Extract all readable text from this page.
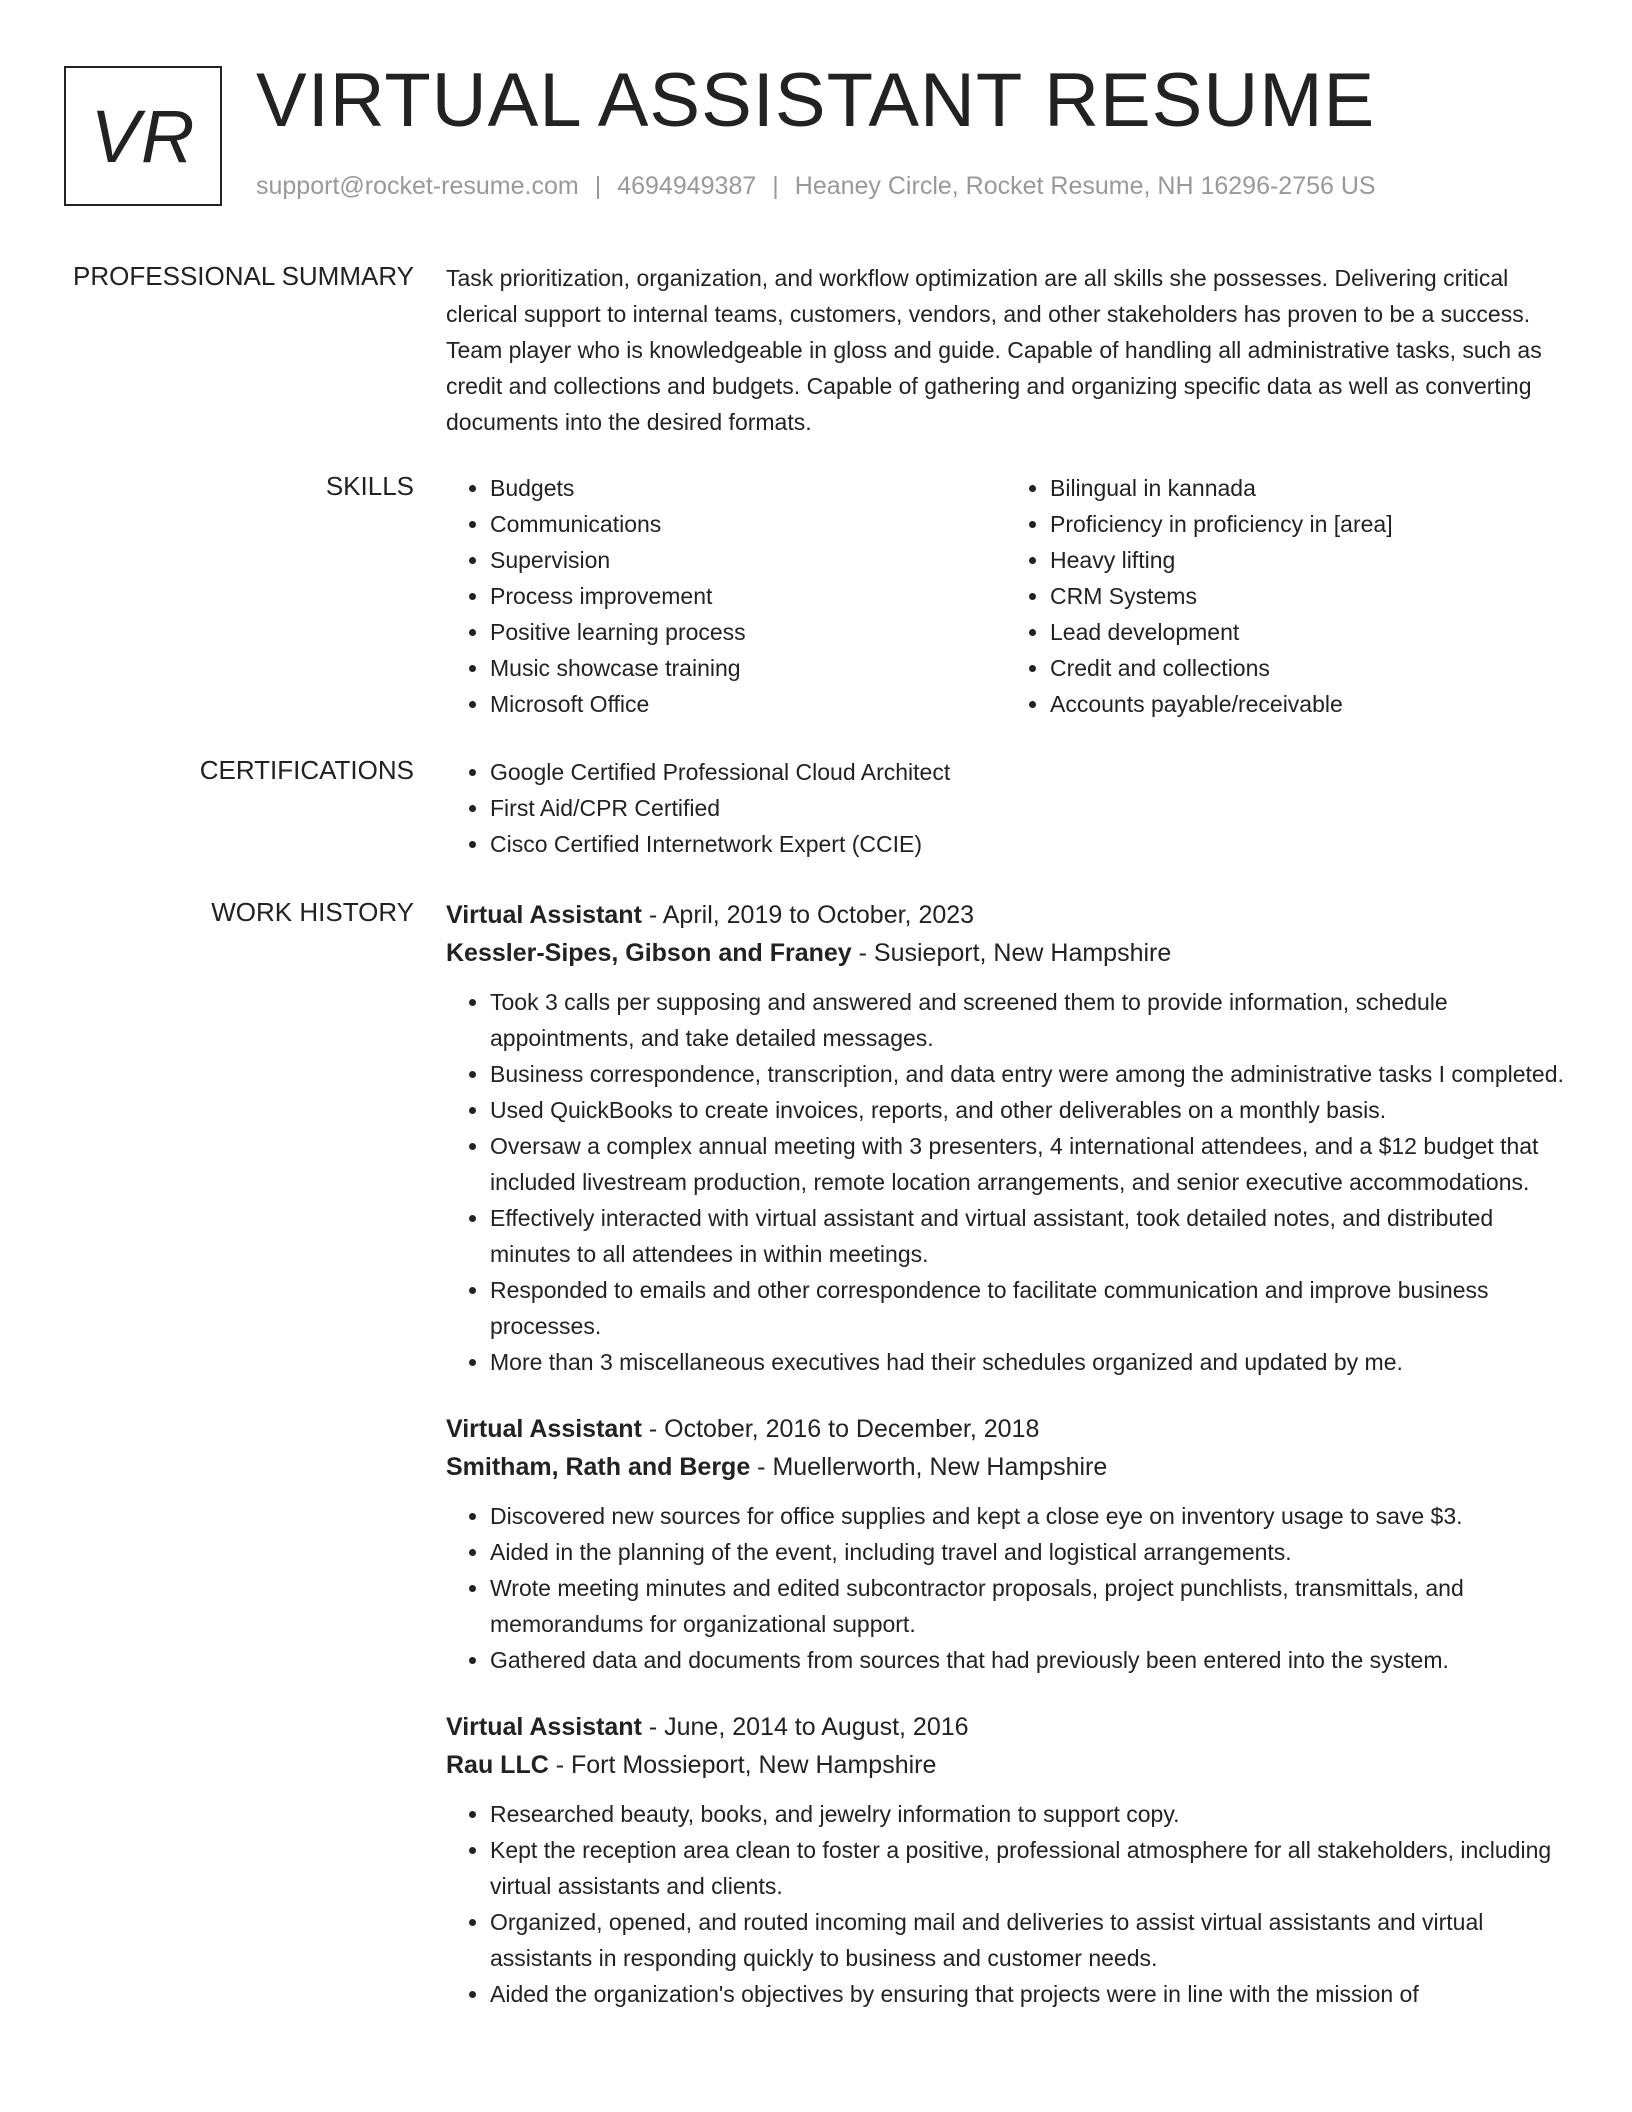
VR VIRTUAL ASSISTANT RESUME
support@rocket-resume.com | 4694949387 | Heaney Circle, Rocket Resume, NH 16296-2756 US
PROFESSIONAL SUMMARY Task prioritization, organization, and workflow optimization are all skills she possesses. Delivering critical clerical support to internal teams, customers, vendors, and other stakeholders has proven to be a success. Team player who is knowledgeable in gloss and guide. Capable of handling all administrative tasks, such as credit and collections and budgets. Capable of gathering and organizing specific data as well as converting documents into the desired formats.
SKILLS	• Budgets
• Communications
• Supervision
• Process improvement
• Positive learning process
• Music showcase training
• Microsoft Office
• Bilingual in kannada
• Proficiency in proficiency in [area]
• Heavy lifting
• CRM Systems
• Lead development
• Credit and collections
• Accounts payable/receivable
CERTIFICATIONS	• Google Certified Professional Cloud Architect
• First Aid/CPR Certified
• Cisco Certified Internetwork Expert (CCIE)
WORK HISTORY Virtual Assistant - April, 2019 to October, 2023
Kessler-Sipes, Gibson and Franey - Susieport, New Hampshire
• Took 3 calls per supposing and answered and screened them to provide information, schedule appointments, and take detailed messages.
• Business correspondence, transcription, and data entry were among the administrative tasks I completed.
• Used QuickBooks to create invoices, reports, and other deliverables on a monthly basis.
• Oversaw a complex annual meeting with 3 presenters, 4 international attendees, and a $12 budget that included livestream production, remote location arrangements, and senior executive accommodations.
• Effectively interacted with virtual assistant and virtual assistant, took detailed notes, and distributed minutes to all attendees in within meetings.
• Responded to emails and other correspondence to facilitate communication and improve business processes.
• More than 3 miscellaneous executives had their schedules organized and updated by me.
Virtual Assistant - October, 2016 to December, 2018
Smitham, Rath and Berge - Muellerworth, New Hampshire
• Discovered new sources for office supplies and kept a close eye on inventory usage to save $3.
• Aided in the planning of the event, including travel and logistical arrangements.
• Wrote meeting minutes and edited subcontractor proposals, project punchlists, transmittals, and memorandums for organizational support.
• Gathered data and documents from sources that had previously been entered into the system.
Virtual Assistant - June, 2014 to August, 2016
Rau LLC - Fort Mossieport, New Hampshire
• Researched beauty, books, and jewelry information to support copy.
• Kept the reception area clean to foster a positive, professional atmosphere for all stakeholders, including virtual assistants and clients.
• Organized, opened, and routed incoming mail and deliveries to assist virtual assistants and virtual assistants in responding quickly to business and customer needs.
• Aided the organization's objectives by ensuring that projects were in line with the mission of
